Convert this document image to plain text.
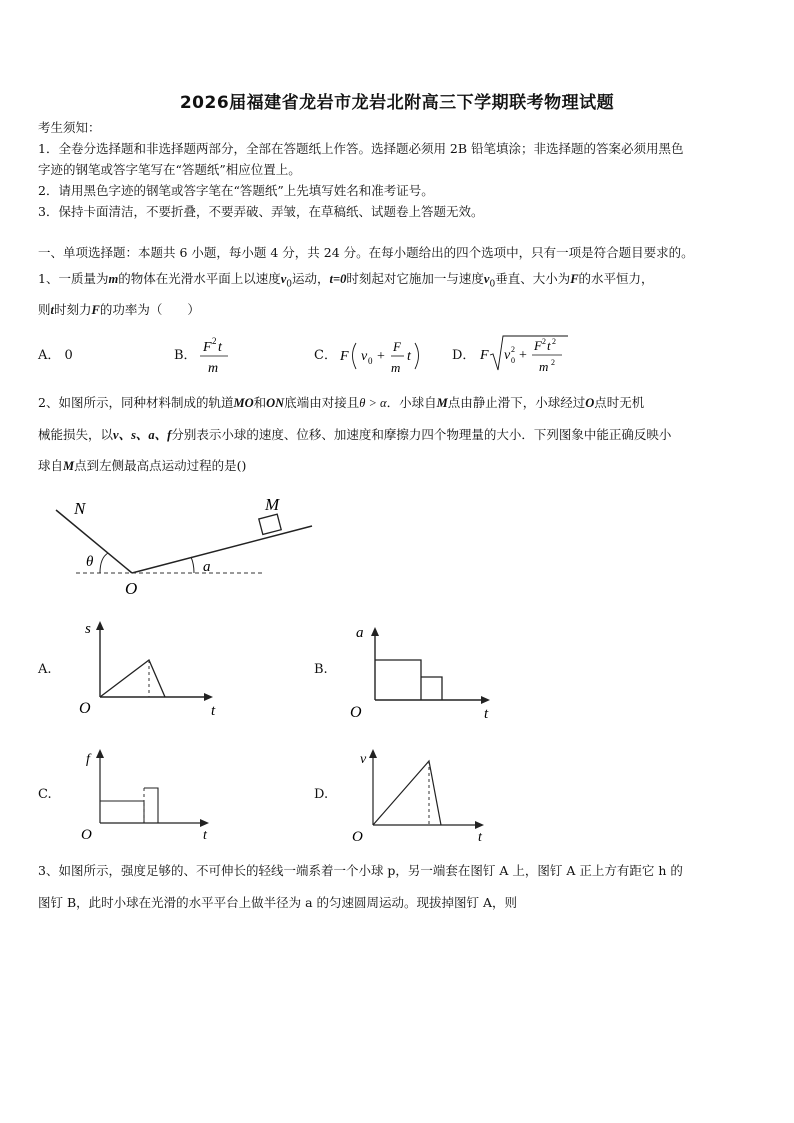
2026届福建省龙岩市龙岩北附高三下学期联考物理试题
考生须知：
1．全卷分选择题和非选择题两部分，全部在答题纸上作答。选择题必须用 2B 铅笔填涂；非选择题的答案必须用黑色
字迹的钢笔或答字笔写在“答题纸”相应位置上。
2．请用黑色字迹的钢笔或答字笔在“答题纸”上先填写姓名和准考证号。
3．保持卡面清洁，不要折叠，不要弄破、弄皱，在草稿纸、试题卷上答题无效。
一、单项选择题：本题共 6 小题，每小题 4 分，共 24 分。在每小题给出的四个选项中，只有一项是符合题目要求的。
1、一质量为m的物体在光滑水平面上以速度$v_0$运动，t=0时刻起对它施加一与速度$v_0$垂直、大小为F的水平恒力，
则t时刻力F的功率为（　　）
A． 0	B．
F 2 t
m
C． F v 0 +
F
m
t	D． F v 2
0 +
F 2 t 2
m 2
2、如图所示，同种材料制成的轨道MO和ON底端由对接且θ > α．小球自M点由静止滑下，小球经过O点时无机
械能损失，以v、s、a、f分别表示小球的速度、位移、加速度和摩擦力四个物理量的大小．下列图象中能正确反映小
球自M点到左侧最高点运动过程的是()
N	M
O
θ	a
A.
s
O	t
B.
a
O	t
C.
f
O	t
D.
v
O	t
3、如图所示，强度足够的、不可伸长的轻线一端系着一个小球 p，另一端套在图钉 A 上，图钉 A 正上方有距它 h 的
图钉 B，此时小球在光滑的水平平台上做半径为 a 的匀速圆周运动。现拔掉图钉 A，则
